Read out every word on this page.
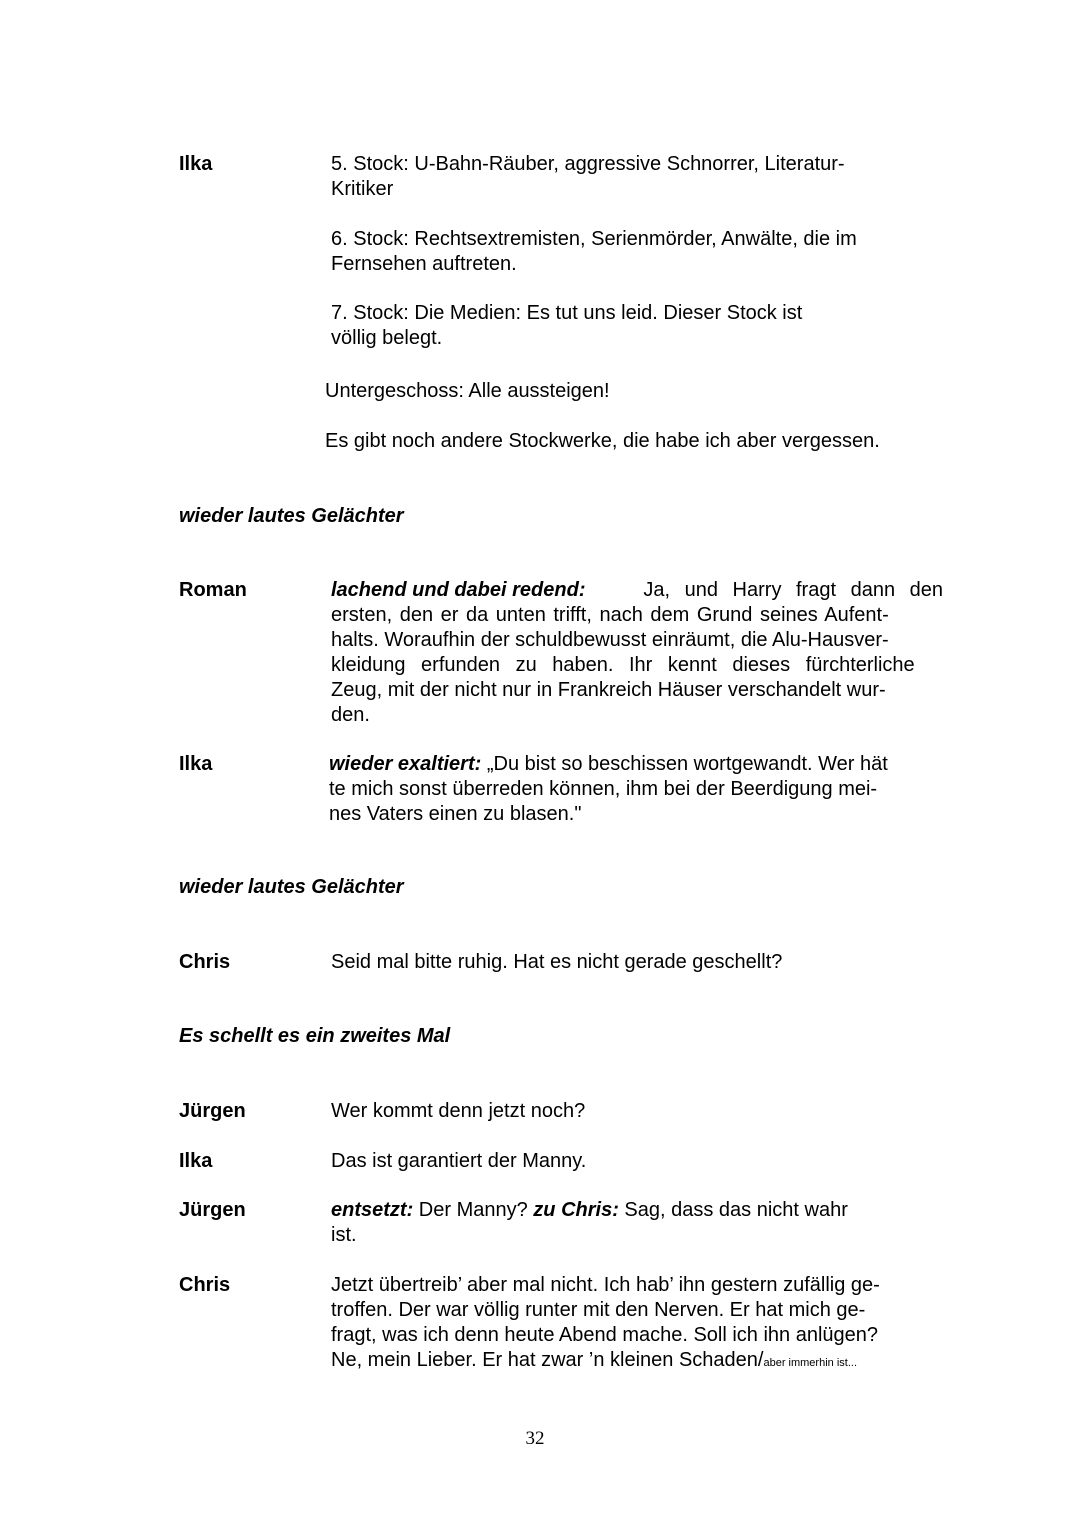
Ilka	5. Stock: U-Bahn-Räuber, aggressive Schnorrer, Literatur-
Kritiker
6. Stock: Rechtsextremisten, Serienmörder, Anwälte, die im
Fernsehen auftreten.
7. Stock: Die Medien: Es tut uns leid. Dieser Stock ist
völlig belegt.
Untergeschoss: Alle aussteigen!
Es gibt noch andere Stockwerke, die habe ich aber vergessen.
wieder lautes Gelächter
Roman	lachend und dabei redend:	Ja, und Harry fragt dann den
ersten, den er da unten trifft, nach dem Grund seines Aufent-
halts. Woraufhin der schuldbewusst einräumt, die Alu-Hausver-
kleidung erfunden zu haben. Ihr kennt dieses fürchterliche
Zeug, mit der nicht nur in Frankreich Häuser verschandelt wur-
den.
Ilka	wieder exaltiert: „Du bist so beschissen wortgewandt. Wer hät
te mich sonst überreden können, ihm bei der Beerdigung mei-
nes Vaters einen zu blasen."
wieder lautes Gelächter
Chris	Seid mal bitte ruhig. Hat es nicht gerade geschellt?
Es schellt es ein zweites Mal
Jürgen	Wer kommt denn jetzt noch?
Ilka	Das ist garantiert der Manny.
Jürgen	entsetzt: Der Manny? zu Chris: Sag, dass das nicht wahr
ist.
Chris	Jetzt übertreib’ aber mal nicht. Ich hab’ ihn gestern zufällig ge-
troffen. Der war völlig runter mit den Nerven. Er hat mich ge-
fragt, was ich denn heute Abend mache. Soll ich ihn anlügen?
Ne, mein Lieber. Er hat zwar ’n kleinen Schaden/aber immerhin ist...
32
